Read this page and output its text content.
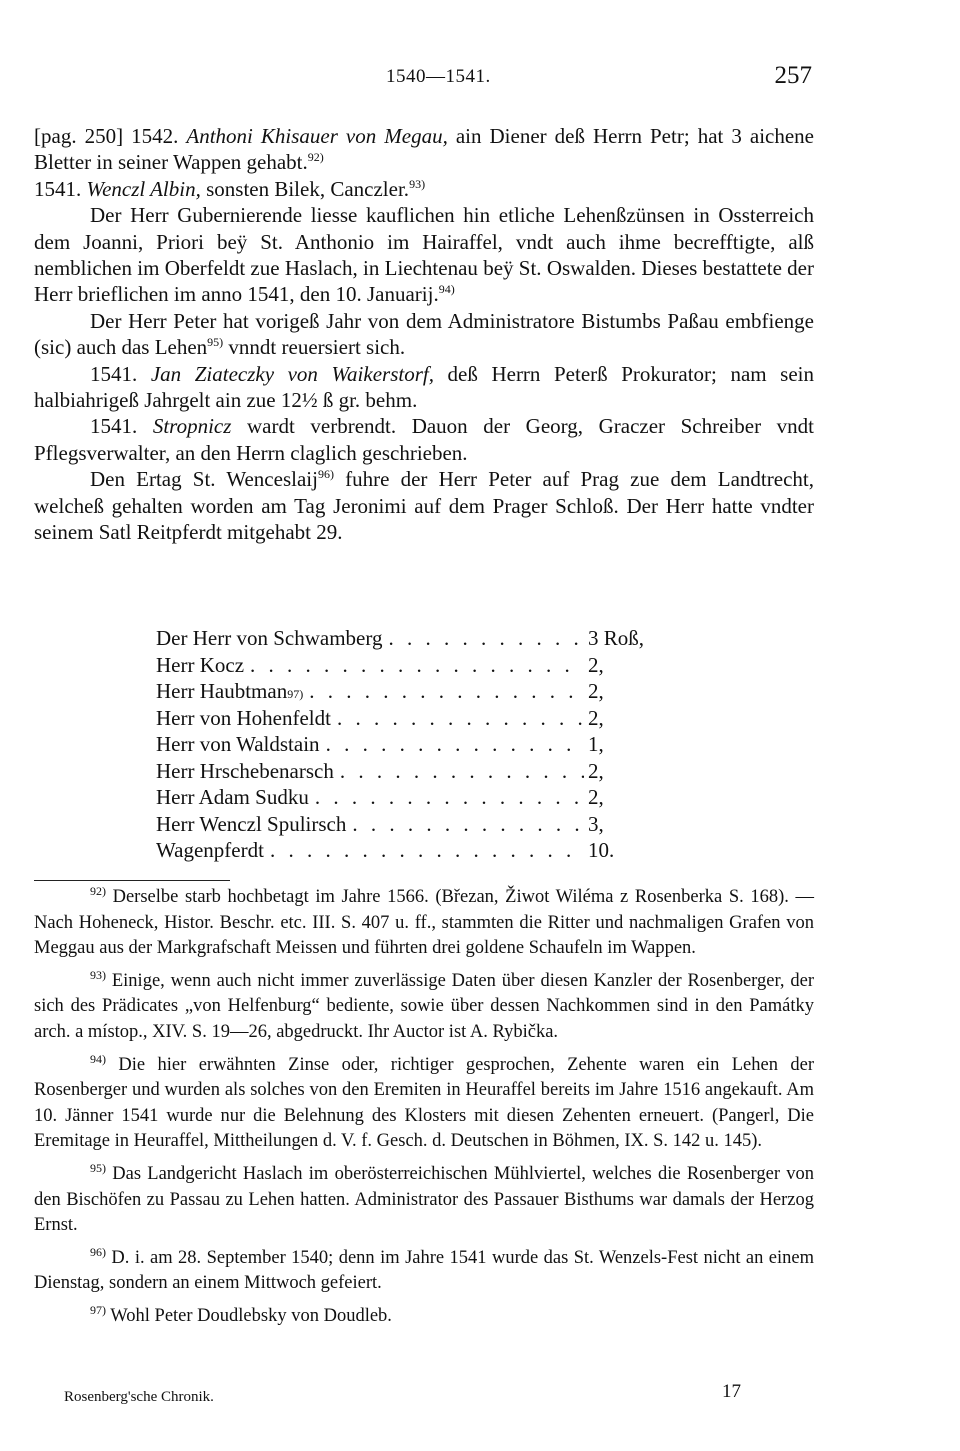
1540—1541.	257

[pag. 250] 1542. Anthoni Khisauer von Megau, ain Diener deß Herrn Petr; hat 3 aichene Bletter in seiner Wappen gehabt.$^{92)}$

1541. Wenczl Albin, sonsten Bilek, Canczler.$^{93)}$

Der Herr Gubernierende liesse kauflichen hin etliche Lehenßzünsen in Ossterreich dem Joanni, Priori beÿ St. Anthonio im Hairaffel, vndt auch ihme becrefftigte, alß nemblichen im Oberfeldt zue Haslach, in Liechtenau beÿ St. Oswalden. Dieses bestattete der Herr brieflichen im anno 1541, den 10. Januarij.$^{94)}$

Der Herr Peter hat vorigeß Jahr von dem Administratore Bistumbs Paßau embfienge (sic) auch das Lehen$^{95)}$ vnndt reuersiert sich.

1541. Jan Ziateczky von Waikerstorf, deß Herrn Peterß Prokurator; nam sein halbiahrigeß Jahrgelt ain zue 12½ ß gr. behm.

1541. Stropnicz wardt verbrendt. Dauon der Georg, Graczer Schreiber vndt Pflegsverwalter, an den Herrn claglich geschrieben.

Den Ertag St. Wenceslaij$^{96)}$ fuhre der Herr Peter auf Prag zue dem Landtrecht, welcheß gehalten worden am Tag Jeronimi auf dem Prager Schloß. Der Herr hatte vndter seinem Satl Reitpferdt mitgehabt 29.

Der Herr von Schwamberg . . .	3 Roß,
Herr Kocz . . .	2,
Herr Haubtman 97) . . .	2,
Herr von Hohenfeldt . . .	2,
Herr von Waldstain . . .	1,
Herr Hrschebenarsch . . .	2,
Herr Adam Sudku . . .	2,
Herr Wenczl Spulirsch . . .	3,
Wagenpferdt . . .	10.

$^{92)}$ Derselbe starb hochbetagt im Jahre 1566. (Březan, Žiwot Wiléma z Rosenberka S. 168). — Nach Hoheneck, Histor. Beschr. etc. III. S. 407 u. ff., stammten die Ritter und nachmaligen Grafen von Meggau aus der Markgrafschaft Meissen und führten drei goldene Schaufeln im Wappen.

$^{93)}$ Einige, wenn auch nicht immer zuverlässige Daten über diesen Kanzler der Rosenberger, der sich des Prädicates „von Helfenburg“ bediente, sowie über dessen Nachkommen sind in den Památky arch. a místop., XIV. S. 19—26, abgedruckt. Ihr Auctor ist A. Rybička.

$^{94)}$ Die hier erwähnten Zinse oder, richtiger gesprochen, Zehente waren ein Lehen der Rosenberger und wurden als solches von den Eremiten in Heuraffel bereits im Jahre 1516 angekauft. Am 10. Jänner 1541 wurde nur die Belehnung des Klosters mit diesen Zehenten erneuert. (Pangerl, Die Eremitage in Heuraffel, Mittheilungen d. V. f. Gesch. d. Deutschen in Böhmen, IX. S. 142 u. 145).

$^{95)}$ Das Landgericht Haslach im oberösterreichischen Mühlviertel, welches die Rosenberger von den Bischöfen zu Passau zu Lehen hatten. Administrator des Passauer Bisthums war damals der Herzog Ernst.

$^{96)}$ D. i. am 28. September 1540; denn im Jahre 1541 wurde das St. Wenzels-Fest nicht an einem Dienstag, sondern an einem Mittwoch gefeiert.

$^{97)}$ Wohl Peter Doudlebsky von Doudleb.

Rosenberg'sche Chronik.	17
